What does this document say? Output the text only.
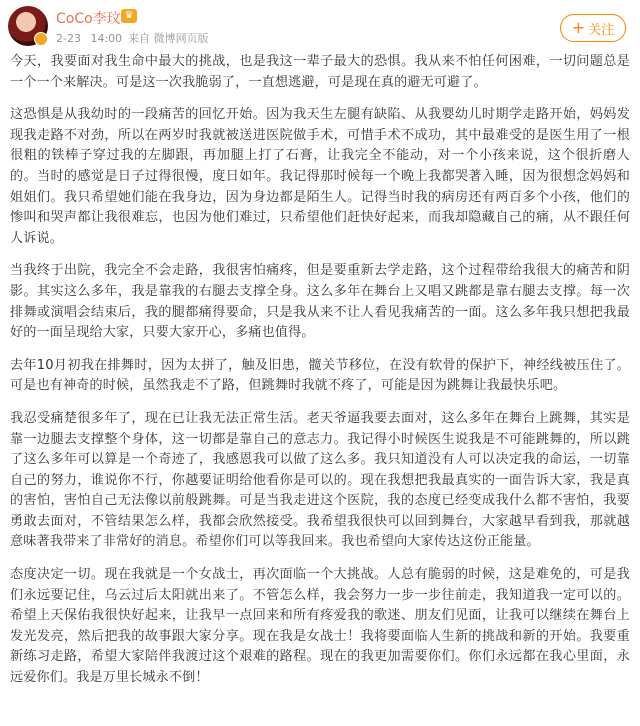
CoCo李玟 ♛
2-23 14:00 来自 微博网页版
+ 关注

今天，我要面对我生命中最大的挑战，也是我这一辈子最大的恐惧。我从来不怕任何困难，一切问题总是一个一个来解决。可是这一次我脆弱了，一直想逃避，可是现在真的避无可避了。

这恐惧是从我幼时的一段痛苦的回忆开始。因为我天生左腿有缺陷、从我婴幼儿时期学走路开始，妈妈发现我走路不对劲，所以在两岁时我就被送进医院做手术，可惜手术不成功，其中最难受的是医生用了一根很粗的铁棒子穿过我的左脚跟，再加腿上打了石膏，让我完全不能动，对一个小孩来说，这个很折磨人的。当时的感觉是日子过得很慢，度日如年。我记得那时候每一个晚上我都哭著入睡，因为很想念妈妈和姐姐们。我只希望她们能在我身边，因为身边都是陌生人。记得当时我的病房还有两百多个小孩，他们的惨叫和哭声都让我很难忘，也因为他们难过，只希望他们赶快好起来，而我却隐藏自己的痛，从不跟任何人诉说。

当我终于出院，我完全不会走路，我很害怕痛疼，但是要重新去学走路，这个过程带给我很大的痛苦和阴影。其实这么多年，我是靠我的右腿去支撑全身。这么多年在舞台上又唱又跳都是靠右腿去支撑。每一次排舞或演唱会结束后，我的腿都痛得要命，只是我从来不让人看见我痛苦的一面。这么多年我只想把我最好的一面呈现给大家，只要大家开心，多痛也值得。

去年10月初我在排舞时，因为太拼了，触及旧患，髋关节移位，在没有软骨的保护下，神经线被压住了。可是也有神奇的时候，虽然我走不了路，但跳舞时我就不疼了，可能是因为跳舞让我最快乐吧。

我忍受痛楚很多年了，现在已让我无法正常生活。老天爷逼我要去面对，这么多年在舞台上跳舞，其实是靠一边腿去支撑整个身体，这一切都是靠自己的意志力。我记得小时候医生说我是不可能跳舞的，所以跳了这么多年可以算是一个奇迹了，我感恩我可以做了这么多。我只知道没有人可以决定我的命运，一切靠自己的努力，谁说你不行，你越要证明给他看你是可以的。现在我想把我最真实的一面告诉大家，我是真的害怕，害怕自己无法像以前般跳舞。可是当我走进这个医院，我的态度已经变成我什么都不害怕，我要勇敢去面对，不管结果怎么样，我都会欣然接受。我希望我很快可以回到舞台，大家越早看到我，那就越意味著我带来了非常好的消息。希望你们可以等我回来。我也希望向大家传达这份正能量。

态度决定一切。现在我就是一个女战士，再次面临一个大挑战。人总有脆弱的时候，这是难免的，可是我们永远要记住，乌云过后太阳就出来了。不管怎么样，我会努力一步一步往前走，我知道我一定可以的。希望上天保佑我很快好起来，让我早一点回来和所有疼爱我的歌迷、朋友们见面，让我可以继续在舞台上发光发亮，然后把我的故事跟大家分享。现在我是女战士！我将要面临人生新的挑战和新的开始。我要重新练习走路，希望大家陪伴我渡过这个艰难的路程。现在的我更加需要你们。你们永远都在我心里面，永远爱你们。我是万里长城永不倒！
